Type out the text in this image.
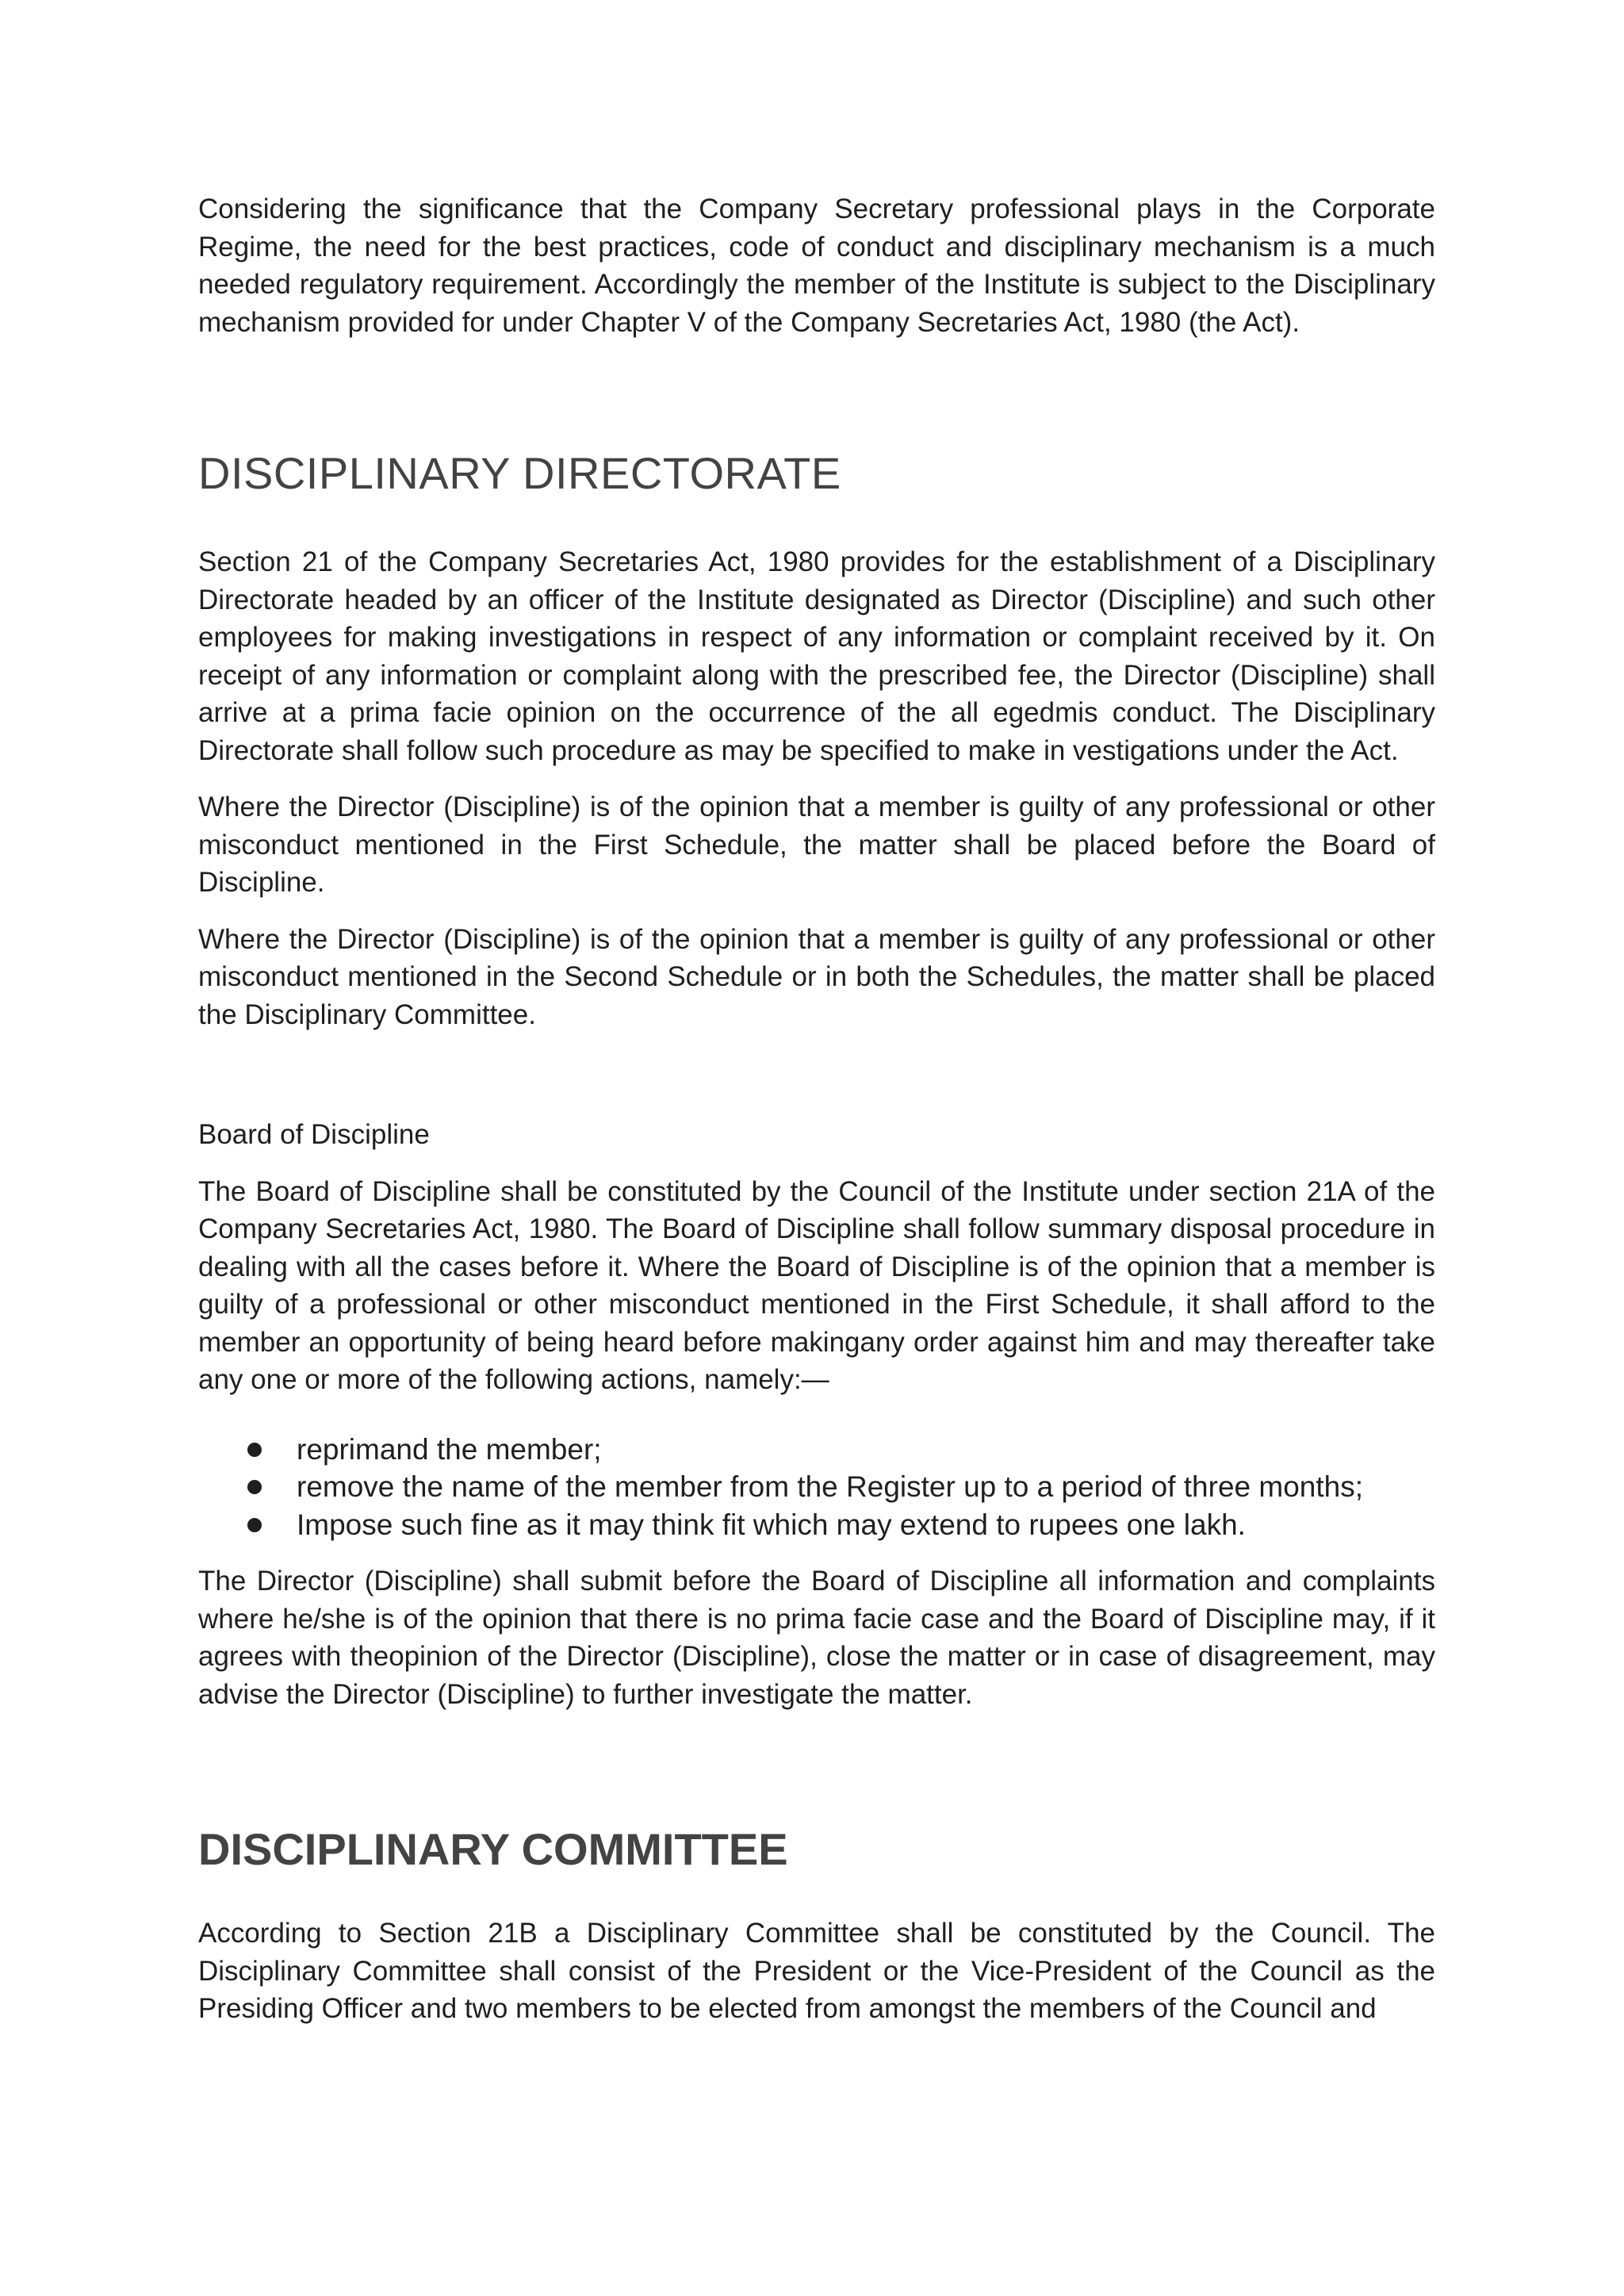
Considering the significance that the Company Secretary professional plays in the Corporate Regime, the need for the best practices, code of conduct and disciplinary mechanism is a much needed regulatory requirement. Accordingly the member of the Institute is subject to the Disciplinary mechanism provided for under Chapter V of the Company Secretaries Act, 1980 (the Act).

DISCIPLINARY DIRECTORATE

Section 21 of the Company Secretaries Act, 1980 provides for the establishment of a Disciplinary Directorate headed by an officer of the Institute designated as Director (Discipline) and such other employees for making investigations in respect of any information or complaint received by it. On receipt of any information or complaint along with the prescribed fee, the Director (Discipline) shall arrive at a prima facie opinion on the occurrence of the all egedmis conduct. The Disciplinary Directorate shall follow such procedure as may be specified to make in vestigations under the Act.

Where the Director (Discipline) is of the opinion that a member is guilty of any professional or other misconduct mentioned in the First Schedule, the matter shall be placed before the Board of Discipline.

Where the Director (Discipline) is of the opinion that a member is guilty of any professional or other misconduct mentioned in the Second Schedule or in both the Schedules, the matter shall be placed the Disciplinary Committee.

Board of Discipline

The Board of Discipline shall be constituted by the Council of the Institute under section 21A of the Company Secretaries Act, 1980. The Board of Discipline shall follow summary disposal procedure in dealing with all the cases before it. Where the Board of Discipline is of the opinion that a member is guilty of a professional or other misconduct mentioned in the First Schedule, it shall afford to the member an opportunity of being heard before makingany order against him and may thereafter take any one or more of the following actions, namely:—

reprimand the member;
remove the name of the member from the Register up to a period of three months;
Impose such fine as it may think fit which may extend to rupees one lakh.

The Director (Discipline) shall submit before the Board of Discipline all information and complaints where he/she is of the opinion that there is no prima facie case and the Board of Discipline may, if it agrees with theopinion of the Director (Discipline), close the matter or in case of disagreement, may advise the Director (Discipline) to further investigate the matter.

DISCIPLINARY COMMITTEE

According to Section 21B a Disciplinary Committee shall be constituted by the Council. The Disciplinary Committee shall consist of the President or the Vice-President of the Council as the Presiding Officer and two members to be elected from amongst the members of the Council and
